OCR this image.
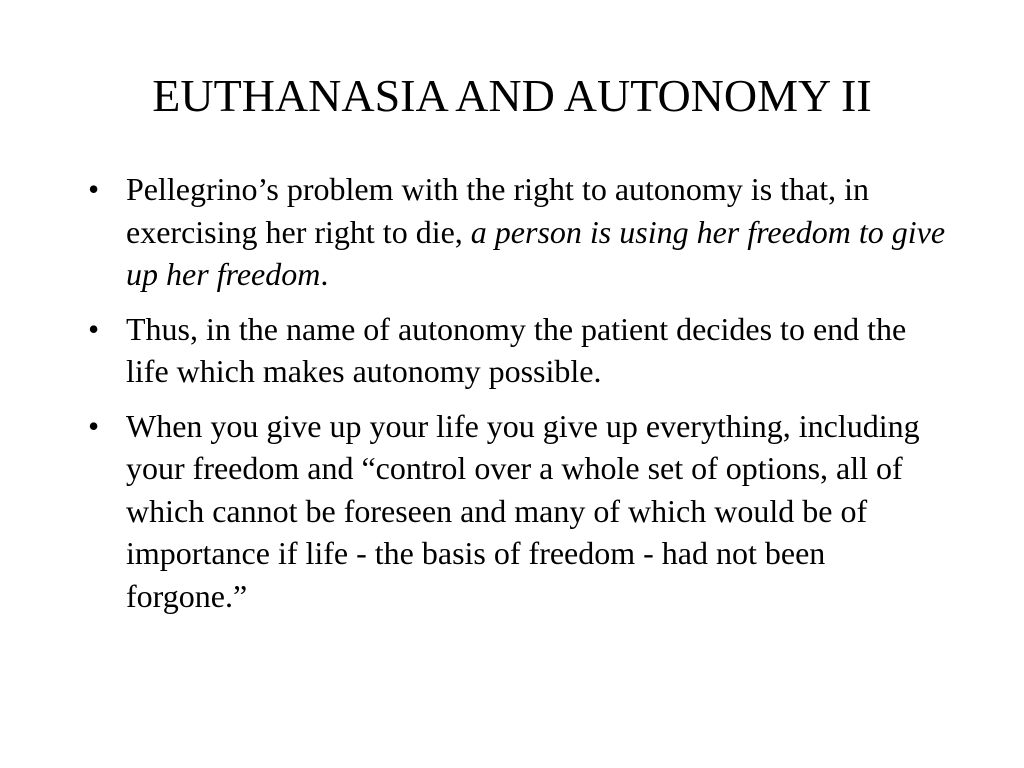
EUTHANASIA AND AUTONOMY II
• Pellegrino’s problem with the right to autonomy is that, in exercising her right to die, a person is using her freedom to give up her freedom.
• Thus, in the name of autonomy the patient decides to end the life which makes autonomy possible.
• When you give up your life you give up everything, including your freedom and “control over a whole set of options, all of which cannot be foreseen and many of which would be of importance if life - the basis of freedom - had not been forgone.”
